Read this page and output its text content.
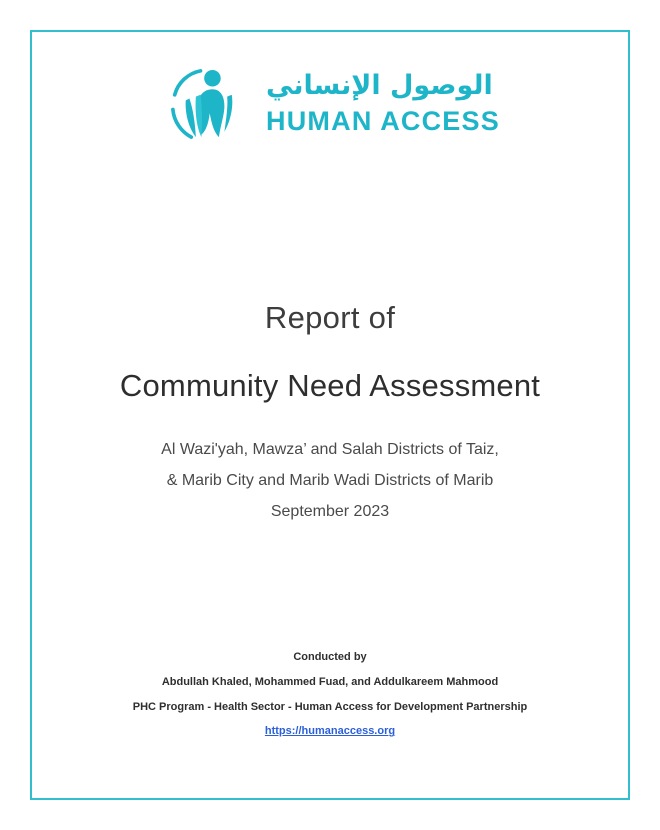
الوصول الإنساني
HUMAN ACCESS
Report of
Community Need Assessment
Al Wazi'yah, Mawza’ and Salah Districts of Taiz,
& Marib City and Marib Wadi Districts of Marib
September 2023
Conducted by
Abdullah Khaled, Mohammed Fuad, and Addulkareem Mahmood
PHC Program - Health Sector - Human Access for Development Partnership
https://humanaccess.org
